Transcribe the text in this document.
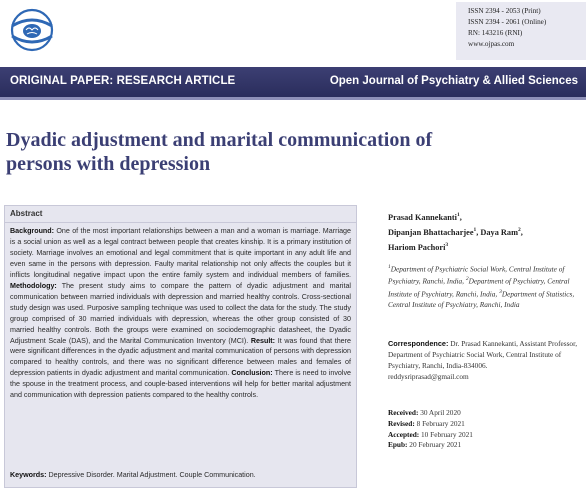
ISSN 2394 - 2053 (Print)
ISSN 2394 - 2061 (Online)
RN: 143216 (RNI)
www.ojpas.com
ORIGINAL PAPER: RESEARCH ARTICLE	Open Journal of Psychiatry & Allied Sciences
Dyadic adjustment and marital communication of
persons with depression
Abstract
Background: One of the most important relationships between a man and a woman is marriage. Marriage is a social union as well as a legal contract between people that creates kinship. It is a primary institution of society. Marriage involves an emotional and legal commitment that is quite important in any adult life and even same in the persons with depression. Faulty marital relationship not only affects the couples but it inflicts longitudinal negative impact upon the entire family system and individual members of families. Methodology: The present study aims to compare the pattern of dyadic adjustment and marital communication between married individuals with depression and married healthy controls. Cross-sectional study design was used. Purposive sampling technique was used to collect the data for the study. The study group comprised of 30 married individuals with depression, whereas the other group consisted of 30 married healthy controls. Both the groups were examined on sociodemographic datasheet, the Dyadic Adjustment Scale (DAS), and the Marital Communication Inventory (MCI). Result: It was found that there were significant differences in the dyadic adjustment and marital communication of persons with depression compared to healthy controls, and there was no significant difference between males and females of depression patients in dyadic adjustment and marital communication. Conclusion: There is need to involve the spouse in the treatment process, and couple-based interventions will help for better marital adjustment and communication with depression patients compared to the healthy controls.
Keywords: Depressive Disorder. Marital Adjustment. Couple Communication.
Prasad Kannekanti$^1$,
Dipanjan Bhattacharjee$^1$, Daya Ram$^2$,
Hariom Pachori$^3$
$^1$Department of Psychiatric Social Work, Central Institute of Psychiatry, Ranchi, India, $^2$Department of Psychiatry, Central Institute of Psychiatry, Ranchi, India, $^3$Department of Statistics, Central Institute of Psychiatry, Ranchi, India
Correspondence: Dr. Prasad Kannekanti, Assistant Professor, Department of Psychiatric Social Work, Central Institute of Psychiatry, Ranchi, India-834006.
reddysriprasad@gmail.com
Received: 30 April 2020
Revised: 8 February 2021
Accepted: 10 February 2021
Epub: 20 February 2021
